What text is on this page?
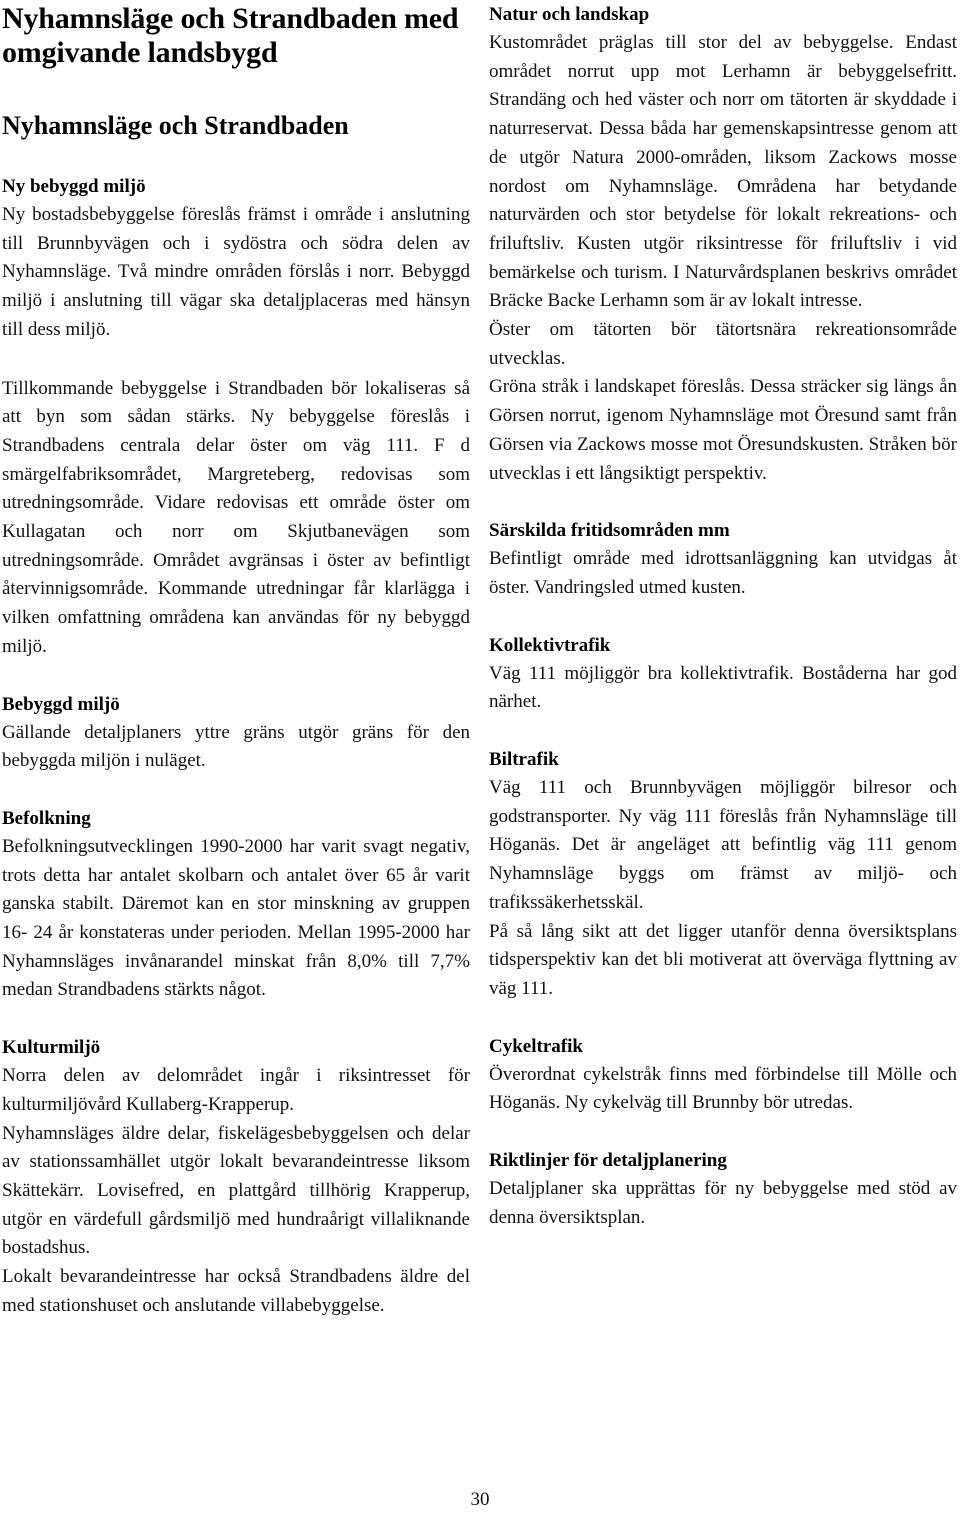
Nyhamnsläge och Strandbaden med omgivande landsbygd
Nyhamnsläge och Strandbaden
Ny bebyggd miljö

Ny bostadsbebyggelse föreslås främst i område i anslutning till Brunnbyvägen och i sydöstra och södra delen av Nyhamnsläge. Två mindre områden förslås i norr. Bebyggd miljö i anslutning till vägar ska detaljplaceras med hänsyn till dess miljö.

Tillkommande bebyggelse i Strandbaden bör lokaliseras så att byn som sådan stärks. Ny bebyggelse föreslås i Strandbadens centrala delar öster om väg 111. F d smärgelfabriksområdet, Margreteberg, redovisas som utredningsområde. Vidare redovisas ett område öster om Kullagatan och norr om Skjutbanevägen som utredningsområde. Området avgränsas i öster av befintligt återvinnigsområde. Kommande utredningar får klarlägga i vilken omfattning områdena kan användas för ny bebyggd miljö.

Bebyggd miljö

Gällande detaljplaners yttre gräns utgör gräns för den bebyggda miljön i nuläget.

Befolkning

Befolkningsutvecklingen 1990-2000 har varit svagt negativ, trots detta har antalet skolbarn och antalet över 65 år varit ganska stabilt. Däremot kan en stor minskning av gruppen 16- 24 år konstateras under perioden. Mellan 1995-2000 har Nyhamnsläges invånarandel minskat från 8,0% till 7,7% medan Strandbadens stärkts något.

Kulturmiljö

Norra delen av delområdet ingår i riksintresset för kulturmiljövård Kullaberg-Krapperup.

Nyhamnsläges äldre delar, fiskelägesbebyggelsen och delar av stationssamhället utgör lokalt bevarandeintresse liksom Skättekärr. Lovisefred, en plattgård tillhörig Krapperup, utgör en värdefull gårdsmiljö med hundraårigt villaliknande bostadshus.

Lokalt bevarandeintresse har också Strandbadens äldre del med stationshuset och anslutande villabebyggelse.

Natur och landskap

Kustområdet präglas till stor del av bebyggelse. Endast området norrut upp mot Lerhamn är bebyggelsefritt. Strandäng och hed väster och norr om tätorten är skyddade i naturreservat. Dessa båda har gemenskapsintresse genom att de utgör Natura 2000-områden, liksom Zackows mosse nordost om Nyhamnsläge. Områdena har betydande naturvärden och stor betydelse för lokalt rekreations- och friluftsliv. Kusten utgör riksintresse för friluftsliv i vid bemärkelse och turism. I Naturvårdsplanen beskrivs området Bräcke Backe Lerhamn som är av lokalt intresse.

Öster om tätorten bör tätortsnära rekreationsområde utvecklas.

Gröna stråk i landskapet föreslås. Dessa sträcker sig längs ån Görsen norrut, igenom Nyhamnsläge mot Öresund samt från Görsen via Zackows mosse mot Öresundskusten. Stråken bör utvecklas i ett långsiktigt perspektiv.

Särskilda fritidsområden mm

Befintligt område med idrottsanläggning kan utvidgas åt öster. Vandringsled utmed kusten.

Kollektivtrafik

Väg 111 möjliggör bra kollektivtrafik. Boståderna har god närhet.

Biltrafik

Väg 111 och Brunnbyvägen möjliggör bilresor och godstransporter. Ny väg 111 föreslås från Nyhamnsläge till Höganäs. Det är angeläget att befintlig väg 111 genom Nyhamnsläge byggs om främst av miljö- och trafikssäkerhetsskäl.

På så lång sikt att det ligger utanför denna översiktsplans tidsperspektiv kan det bli motiverat att överväga flyttning av väg 111.

Cykeltrafik

Överordnat cykelstråk finns med förbindelse till Mölle och Höganäs. Ny cykelväg till Brunnby bör utredas.

Riktlinjer för detaljplanering

Detaljplaner ska upprättas för ny bebyggelse med stöd av denna översiktsplan.

30
